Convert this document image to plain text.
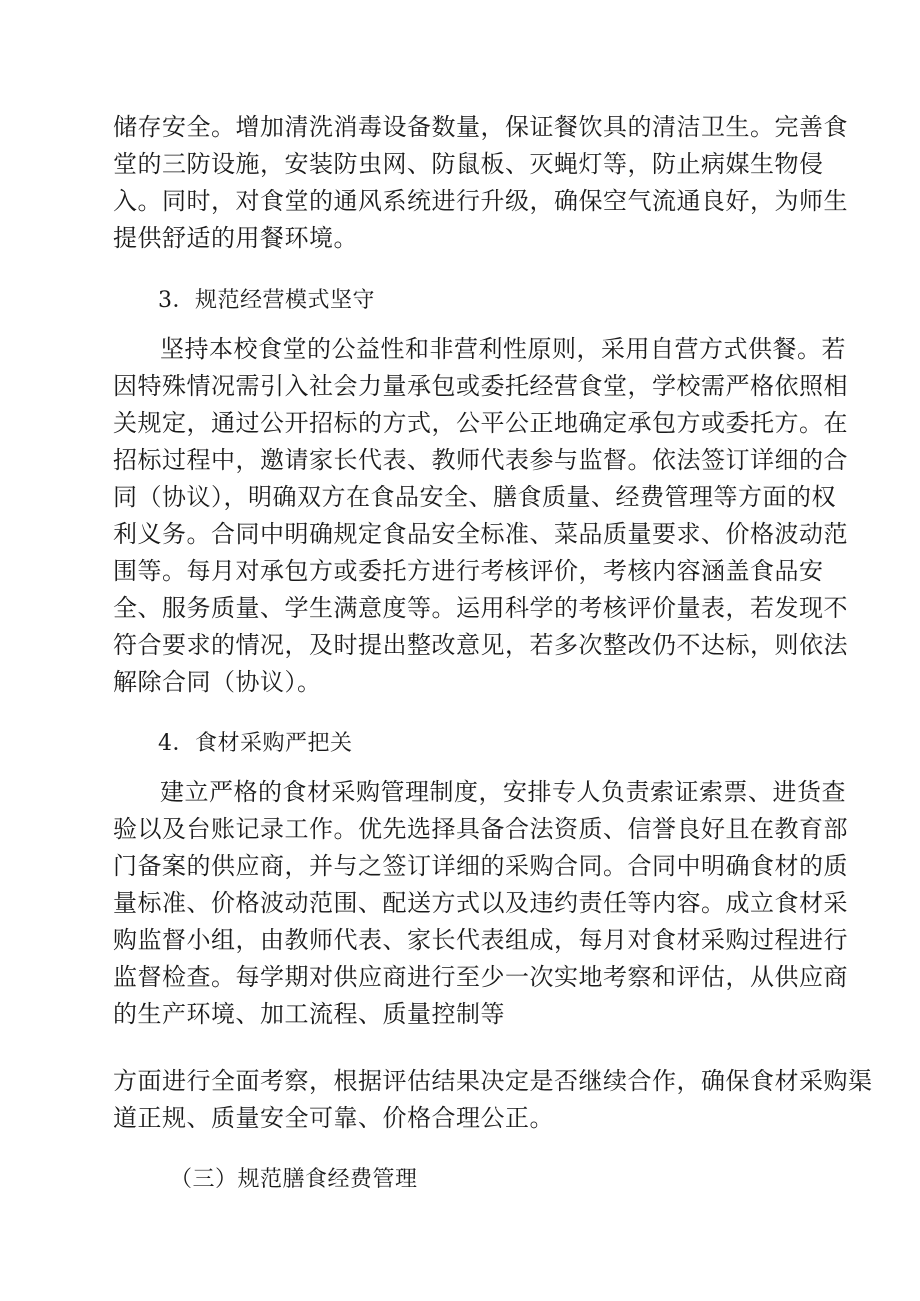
储存安全。增加清洗消毒设备数量，保证餐饮具的清洁卫生。完善食
堂的三防设施，安装防虫网、防鼠板、灭蝇灯等，防止病媒生物侵
入。同时，对食堂的通风系统进行升级，确保空气流通良好，为师生
提供舒适的用餐环境。
3．规范经营模式坚守
坚持本校食堂的公益性和非营利性原则，采用自营方式供餐。若
因特殊情况需引入社会力量承包或委托经营食堂，学校需严格依照相
关规定，通过公开招标的方式，公平公正地确定承包方或委托方。在
招标过程中，邀请家长代表、教师代表参与监督。依法签订详细的合
同（协议），明确双方在食品安全、膳食质量、经费管理等方面的权
利义务。合同中明确规定食品安全标准、菜品质量要求、价格波动范
围等。每月对承包方或委托方进行考核评价，考核内容涵盖食品安
全、服务质量、学生满意度等。运用科学的考核评价量表，若发现不
符合要求的情况，及时提出整改意见，若多次整改仍不达标，则依法
解除合同（协议）。
4．食材采购严把关
建立严格的食材采购管理制度，安排专人负责索证索票、进货查
验以及台账记录工作。优先选择具备合法资质、信誉良好且在教育部
门备案的供应商，并与之签订详细的采购合同。合同中明确食材的质
量标准、价格波动范围、配送方式以及违约责任等内容。成立食材采
购监督小组，由教师代表、家长代表组成，每月对食材采购过程进行
监督检查。每学期对供应商进行至少一次实地考察和评估，从供应商
的生产环境、加工流程、质量控制等
方面进行全面考察，根据评估结果决定是否继续合作，确保食材采购渠
道正规、质量安全可靠、价格合理公正。
（三）规范膳食经费管理
